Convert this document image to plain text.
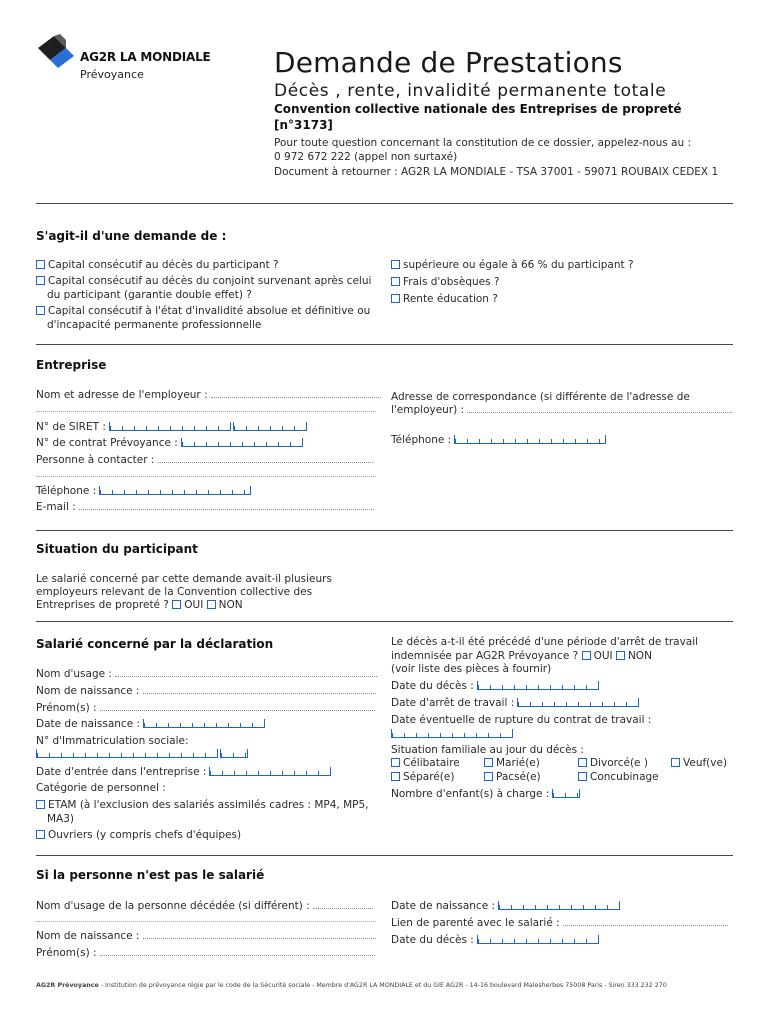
AG2R LA MONDIALE
Prévoyance	Demande de Prestations
Décès , rente, invalidité permanente totale
Convention collective nationale des Entreprises de propreté [n°3173]
Pour toute question concernant la constitution de ce dossier, appelez-nous au :
0 972 672 222 (appel non surtaxé)
Document à retourner : AG2R LA MONDIALE - TSA 37001 - 59071 ROUBAIX CEDEX 1
S'agit-il d'une demande de :
Capital consécutif au décès du participant ?
Capital consécutif au décès du conjoint survenant après celui
du participant (garantie double effet) ?
Capital consécutif à l'état d'invalidité absolue et définitive ou
d'incapacité permanente professionnelle
supérieure ou égale à 66 % du participant ?
Frais d'obsèques ?
Rente éducation ?
Entreprise
Nom et adresse de l'employeur :
N° de SIRET :
N° de contrat Prévoyance :
Personne à contacter :
Téléphone :
E-mail :
Adresse de correspondance (si différente de l'adresse de
l'employeur) :
Téléphone :
Situation du participant
Le salarié concerné par cette demande avait-il plusieurs
employeurs relevant de la Convention collective des
Entreprises de propreté ? OUI NON
Salarié concerné par la déclaration
Nom d'usage :
Nom de naissance :
Prénom(s) :
Date de naissance :
N° d'Immatriculation sociale:
Date d'entrée dans l'entreprise :
Catégorie de personnel :
ETAM (à l'exclusion des salariés assimilés cadres : MP4, MP5,
MA3)
Ouvriers (y compris chefs d'équipes)
Le décès a-t-il été précédé d'une période d'arrêt de travail
indemnisée par AG2R Prévoyance ? OUI NON
(voir liste des pièces à fournir)
Date du décès :
Date d'arrêt de travail :
Date éventuelle de rupture du contrat de travail :
Situation familiale au jour du décès :
Célibataire	Marié(e)	Divorcé(e )	Veuf(ve)
Séparé(e)	Pacsé(e)	Concubinage
Nombre d'enfant(s) à charge :
Si la personne n'est pas le salarié
Nom d'usage de la personne décédée (si différent) :
Nom de naissance :
Prénom(s) :
Date de naissance :
Lien de parenté avec le salarié :
Date du décès :
AG2R Prévoyance - Institution de prévoyance régie par le code de la Sécurité sociale - Membre d'AG2R LA MONDIALE et du GIE AG2R - 14-16 boulevard Malesherbes 75008 Paris - Siren 333 232 270
